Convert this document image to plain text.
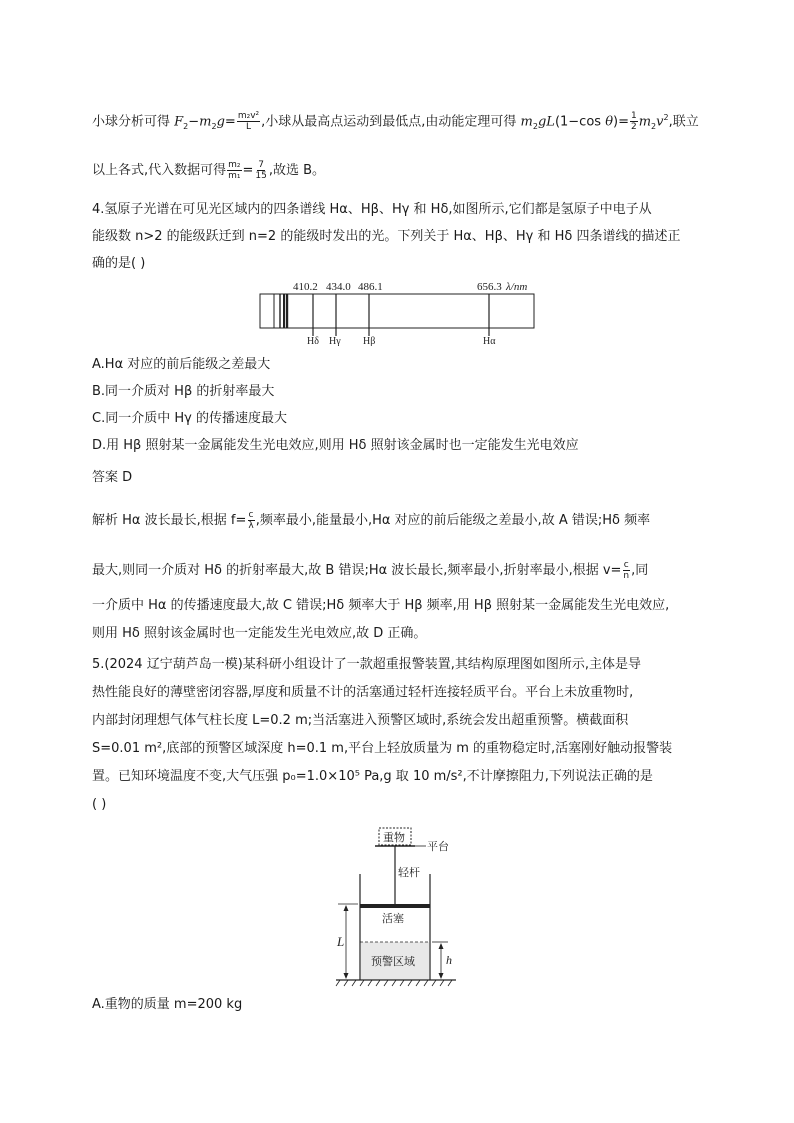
小球分析可得 $F_2-m_2g= \frac{\text{m₂v²}}{L}$ ,小球从最高点运动到最低点,由动能定理可得 $m_2gL(1-\cos$ $\theta)= \frac{1}{2} m_2v^2$,联立
以上各式,代入数据可得 $\frac{\text{m₂}}{\text{m₁}} = \frac{7}{15}$ ,故选 B。
4.氢原子光谱在可见光区域内的四条谱线 Hα、Hβ、Hγ 和 Hδ,如图所示,它们都是氢原子中电子从
能级数 n>2 的能级跃迁到 n=2 的能级时发出的光。下列关于 Hα、Hβ、Hγ 和 Hδ 四条谱线的描述正
确的是( )
410.2 434.0 486.1	656.3 λ/nm
Hδ Hγ Hβ	Hα
A.Hα 对应的前后能级之差最大
B.同一介质对 Hβ 的折射率最大
C.同一介质中 Hγ 的传播速度最大
D.用 Hβ 照射某一金属能发生光电效应,则用 Hδ 照射该金属时也一定能发生光电效应
答案 D
解析 Hα 波长最长,根据 $f= \frac{c}{\lambda}$ ,频率最小,能量最小,Hα 对应的前后能级之差最小,故 A 错误;Hδ 频率
最大,则同一介质对 Hδ 的折射率最大,故 B 错误;Hα 波长最长,频率最小,折射率最小,根据 $v= \frac{c}{n}$ ,同
一介质中 Hα 的传播速度最大,故 C 错误;Hδ 频率大于 Hβ 频率,用 Hβ 照射某一金属能发生光电效应,
则用 Hδ 照射该金属时也一定能发生光电效应,故 D 正确。
5.(2024 辽宁葫芦岛一模)某科研小组设计了一款超重报警装置,其结构原理图如图所示,主体是导
热性能良好的薄壁密闭容器,厚度和质量不计的活塞通过轻杆连接轻质平台。平台上未放重物时,
内部封闭理想气体气柱长度 L=0.2 m;当活塞进入预警区域时,系统会发出超重预警。横截面积
S=0.01 m²,底部的预警区域深度 h=0.1 m,平台上轻放质量为 m 的重物稳定时,活塞刚好触动报警装
置。已知环境温度不变,大气压强 p₀=1.0×10⁵ Pa,g 取 10 m/s²,不计摩擦阻力,下列说法正确的是
( )
重物
平台
轻杆
活塞
预警区域
L
h
A.重物的质量 m=200 kg
